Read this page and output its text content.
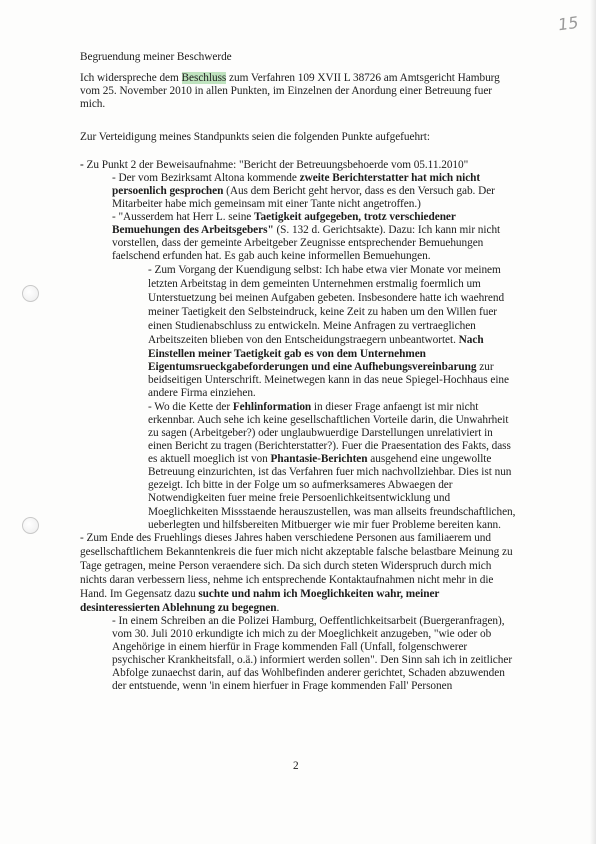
15
Begruendung meiner Beschwerde
Ich widerspreche dem Beschluss zum Verfahren 109 XVII L 38726 am Amtsgericht Hamburg
vom 25. November 2010 in allen Punkten, im Einzelnen der Anordung einer Betreuung fuer
mich.
Zur Verteidigung meines Standpunkts seien die folgenden Punkte aufgefuehrt:
- Zu Punkt 2 der Beweisaufnahme: "Bericht der Betreuungsbehoerde vom 05.11.2010"
- Der vom Bezirksamt Altona kommende zweite Berichterstatter hat mich nicht
persoenlich gesprochen (Aus dem Bericht geht hervor, dass es den Versuch gab. Der
Mitarbeiter habe mich gemeinsam mit einer Tante nicht angetroffen.)
- "Ausserdem hat Herr L. seine Taetigkeit aufgegeben, trotz verschiedener
Bemuehungen des Arbeitsgebers" (S. 132 d. Gerichtsakte). Dazu: Ich kann mir nicht
vorstellen, dass der gemeinte Arbeitgeber Zeugnisse entsprechender Bemuehungen
faelschend erfunden hat. Es gab auch keine informellen Bemuehungen.
- Zum Vorgang der Kuendigung selbst: Ich habe etwa vier Monate vor meinem
letzten Arbeitstag in dem gemeinten Unternehmen erstmalig foermlich um
Unterstuetzung bei meinen Aufgaben gebeten. Insbesondere hatte ich waehrend
meiner Taetigkeit den Selbsteindruck, keine Zeit zu haben um den Willen fuer
einen Studienabschluss zu entwickeln. Meine Anfragen zu vertraeglichen
Arbeitszeiten blieben von den Entscheidungstraegern unbeantwortet. Nach
Einstellen meiner Taetigkeit gab es von dem Unternehmen
Eigentumsrueckgabeforderungen und eine Aufhebungsvereinbarung zur
beidseitigen Unterschrift. Meinetwegen kann in das neue Spiegel-Hochhaus eine
andere Firma einziehen.
- Wo die Kette der Fehlinformation in dieser Frage anfaengt ist mir nicht
erkennbar. Auch sehe ich keine gesellschaftlichen Vorteile darin, die Unwahrheit
zu sagen (Arbeitgeber?) oder unglaubwuerdige Darstellungen unrelativiert in
einen Bericht zu tragen (Berichterstatter?). Fuer die Praesentation des Fakts, dass
es aktuell moeglich ist von Phantasie-Berichten ausgehend eine ungewollte
Betreuung einzurichten, ist das Verfahren fuer mich nachvollziehbar. Dies ist nun
gezeigt. Ich bitte in der Folge um so aufmerksameres Abwaegen der
Notwendigkeiten fuer meine freie Persoenlichkeitsentwicklung und
Moeglichkeiten Missstaende herauszustellen, was man allseits freundschaftlichen,
ueberlegten und hilfsbereiten Mitbuerger wie mir fuer Probleme bereiten kann.
- Zum Ende des Fruehlings dieses Jahres haben verschiedene Personen aus familiaerem und
gesellschaftlichem Bekanntenkreis die fuer mich nicht akzeptable falsche belastbare Meinung zu
Tage getragen, meine Person veraendere sich. Da sich durch steten Widerspruch durch mich
nichts daran verbessern liess, nehme ich entsprechende Kontaktaufnahmen nicht mehr in die
Hand. Im Gegensatz dazu suchte und nahm ich Moeglichkeiten wahr, meiner
desinteressierten Ablehnung zu begegnen.
- In einem Schreiben an die Polizei Hamburg, Oeffentlichkeitsarbeit (Buergeranfragen),
vom 30. Juli 2010 erkundigte ich mich zu der Moeglichkeit anzugeben, "wie oder ob
Angehörige in einem hierfür in Frage kommenden Fall (Unfall, folgenschwerer
psychischer Krankheitsfall, o.ä.) informiert werden sollen". Den Sinn sah ich in zeitlicher
Abfolge zunaechst darin, auf das Wohlbefinden anderer gerichtet, Schaden abzuwenden
der entstuende, wenn 'in einem hierfuer in Frage kommenden Fall' Personen
2
